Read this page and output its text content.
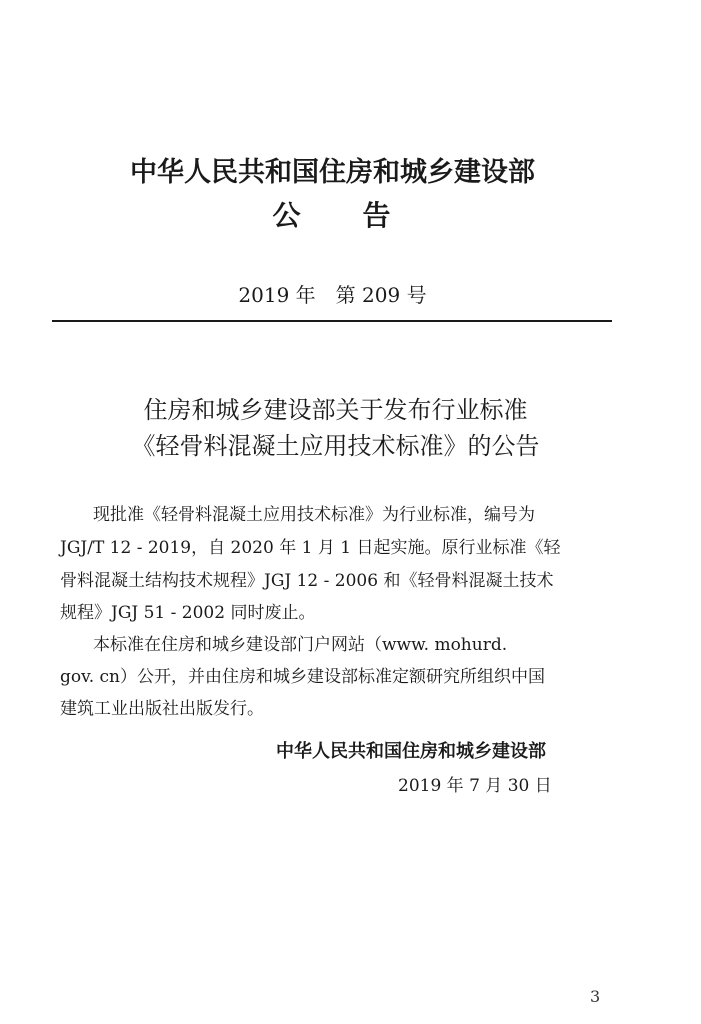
中华人民共和国住房和城乡建设部
公　　告
2019 年　第 209 号
住房和城乡建设部关于发布行业标准
《轻骨料混凝土应用技术标准》的公告
现批准《轻骨料混凝土应用技术标准》为行业标准，编号为
JGJ/T 12 - 2019，自 2020 年 1 月 1 日起实施。原行业标准《轻
骨料混凝土结构技术规程》JGJ 12 - 2006 和《轻骨料混凝土技术
规程》JGJ 51 - 2002 同时废止。
本标准在住房和城乡建设部门户网站（www. mohurd.
gov. cn）公开，并由住房和城乡建设部标准定额研究所组织中国
建筑工业出版社出版发行。
中华人民共和国住房和城乡建设部
2019 年 7 月 30 日
3
